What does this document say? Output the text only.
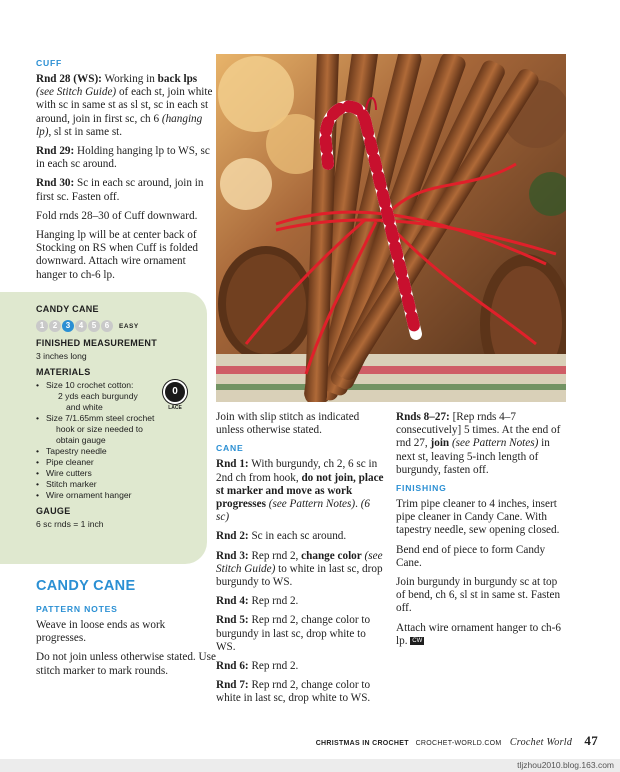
CUFF

Rnd 28 (WS): Working in back lps (see Stitch Guide) of each st, join white with sc in same st as sl st, sc in each st around, join in first sc, ch 6 (hanging lp), sl st in same st.

Rnd 29: Holding hanging lp to WS, sc in each sc around.

Rnd 30: Sc in each sc around, join in first sc. Fasten off.

Fold rnds 28–30 of Cuff downward.

Hanging lp will be at center back of Stocking on RS when Cuff is folded downward. Attach wire ornament hanger to ch-6 lp.

CANDY CANE
1	2	3	4	5	6	EASY
FINISHED MEASUREMENT
3 inches long
MATERIALS
• Size 10 crochet cotton:
2 yds each burgundy
and white
• Size 7/1.65mm steel crochet
hook or size needed to
obtain gauge
• Tapestry needle
• Pipe cleaner
• Wire cutters
• Stitch marker
• Wire ornament hanger
GAUGE
6 sc rnds = 1 inch
0
LACE
CANDY CANE
PATTERN NOTES

Weave in loose ends as work progresses.

Do not join unless otherwise stated. Use stitch marker to mark rounds.

Join with slip stitch as indicated unless otherwise stated.

CANE

Rnd 1: With burgundy, ch 2, 6 sc in 2nd ch from hook, do not join, place st marker and move as work progresses (see Pattern Notes). (6 sc)

Rnd 2: Sc in each sc around.

Rnd 3: Rep rnd 2, change color (see Stitch Guide) to white in last sc, drop burgundy to WS.

Rnd 4: Rep rnd 2.

Rnd 5: Rep rnd 2, change color to burgundy in last sc, drop white to WS.

Rnd 6: Rep rnd 2.

Rnd 7: Rep rnd 2, change color to white in last sc, drop white to WS.

Rnds 8–27: [Rep rnds 4–7 consecutively] 5 times. At the end of rnd 27, join (see Pattern Notes) in next st, leaving 5-inch length of burgundy, fasten off.

FINISHING

Trim pipe cleaner to 4 inches, insert pipe cleaner in Candy Cane. With tapestry needle, sew opening closed.

Bend end of piece to form Candy Cane.

Join burgundy in burgundy sc at top of bend, ch 6, sl st in same st. Fasten off.

Attach wire ornament hanger to ch-6 lp. CW

CHRISTMAS IN CROCHET CROCHET-WORLD.COM Crochet World 47
tljzhou2010.blog.163.com
